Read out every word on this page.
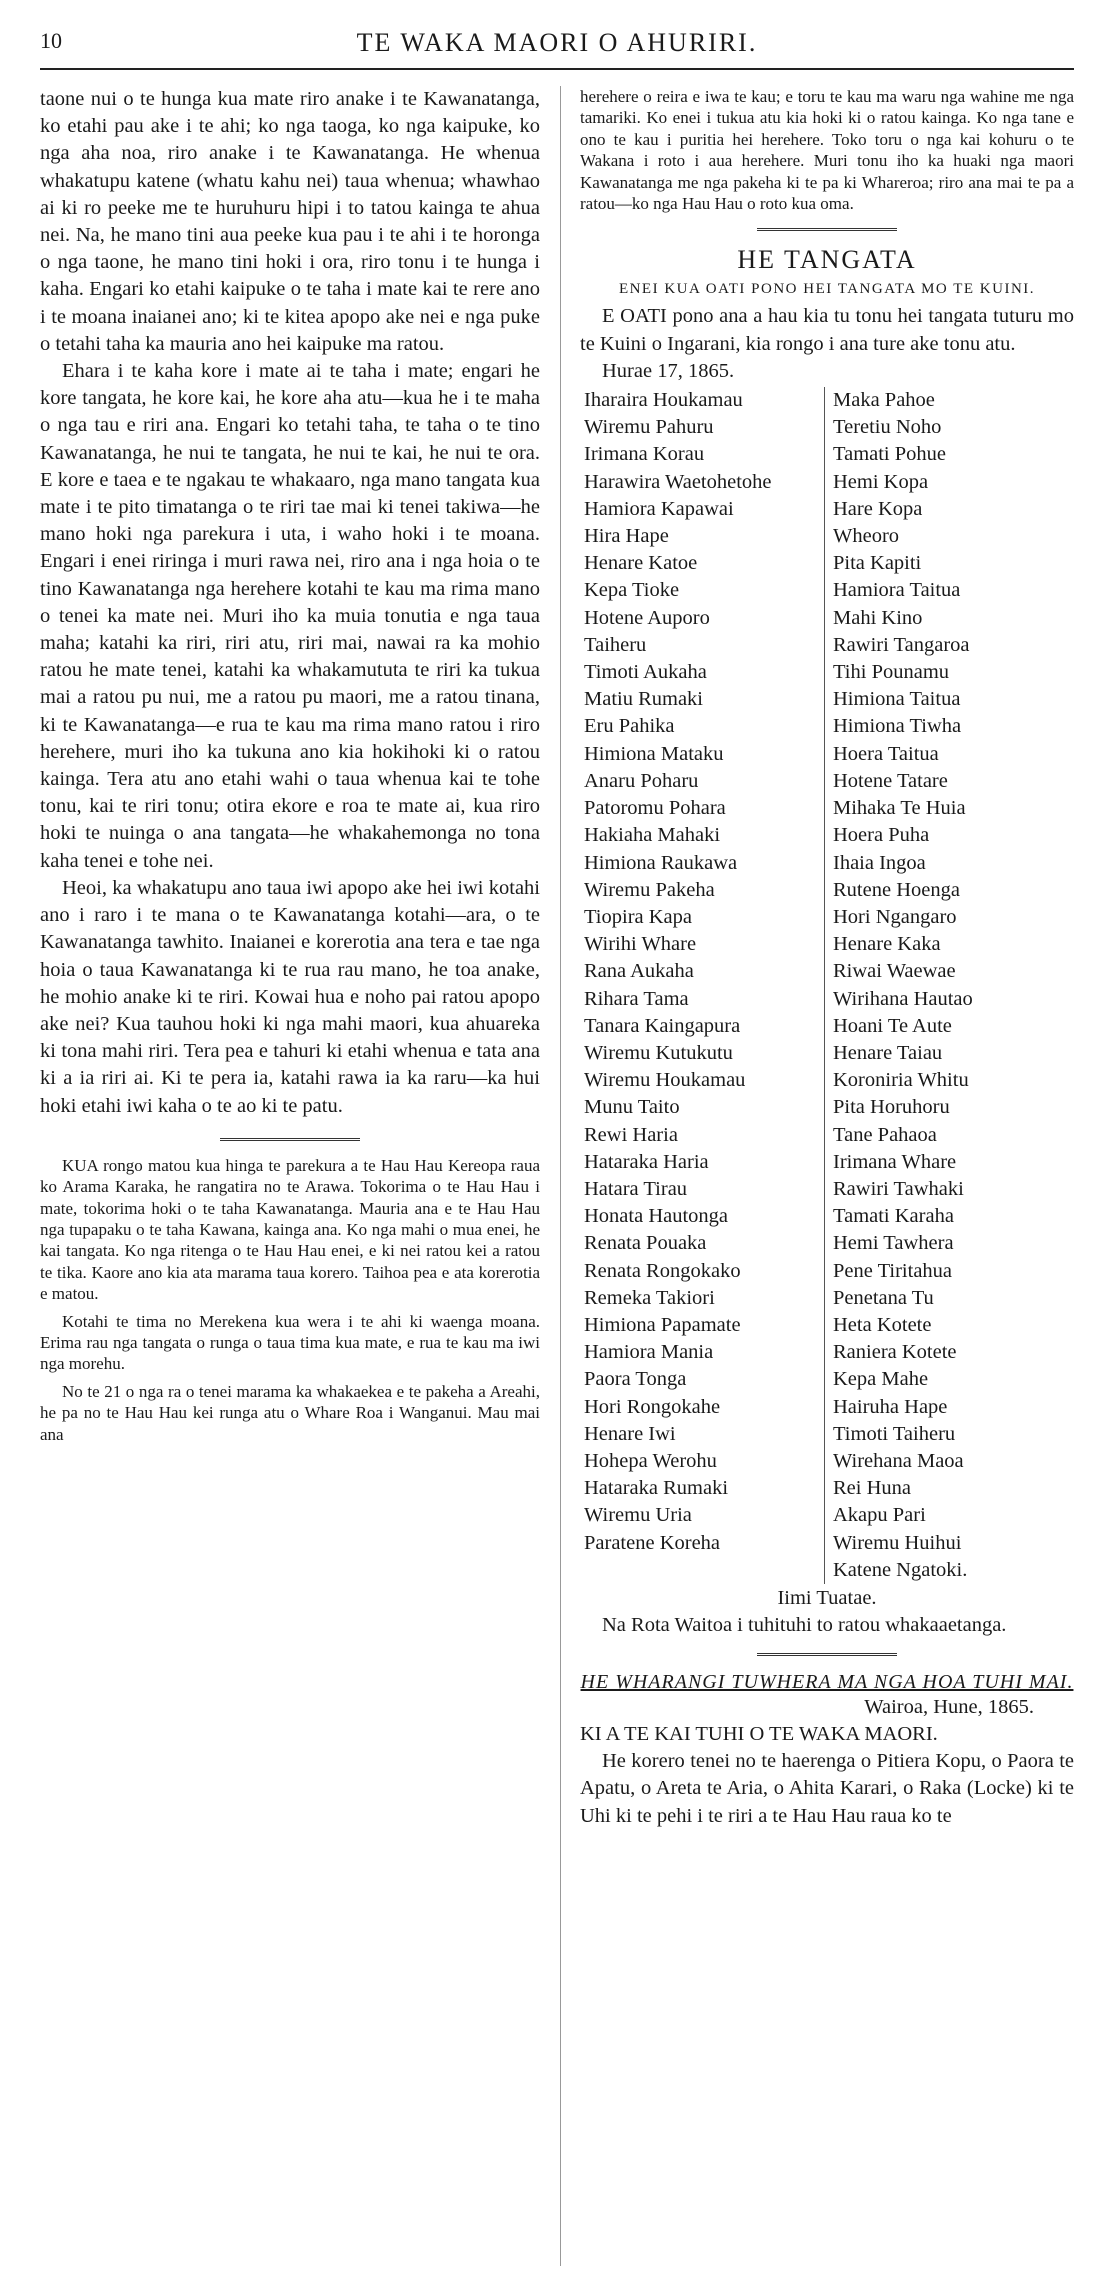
10	TE WAKA MAORI O AHURIRI.

taone nui o te hunga kua mate riro anake i te Kawanatanga, ko etahi pau ake i te ahi; ko nga taoga, ko nga kaipuke, ko nga aha noa, riro anake i te Kawanatanga. He whenua whakatupu katene (whatu kahu nei) taua whenua; whawhao ai ki ro peeke me te huruhuru hipi i to tatou kainga te ahua nei. Na, he mano tini aua peeke kua pau i te ahi i te horonga o nga taone, he mano tini hoki i ora, riro tonu i te hunga i kaha. Engari ko etahi kaipuke o te taha i mate kai te rere ano i te moana inaianei ano; ki te kitea apopo ake nei e nga puke o tetahi taha ka mauria ano hei kaipuke ma ratou.

Ehara i te kaha kore i mate ai te taha i mate; engari he kore tangata, he kore kai, he kore aha atu—kua he i te maha o nga tau e riri ana. Engari ko tetahi taha, te taha o te tino Kawanatanga, he nui te tangata, he nui te kai, he nui te ora. E kore e taea e te ngakau te whakaaro, nga mano tangata kua mate i te pito timatanga o te riri tae mai ki tenei takiwa—he mano hoki nga parekura i uta, i waho hoki i te moana. Engari i enei riringa i muri rawa nei, riro ana i nga hoia o te tino Kawanatanga nga herehere kotahi te kau ma rima mano o tenei ka mate nei. Muri iho ka muia tonutia e nga taua maha; katahi ka riri, riri atu, riri mai, nawai ra ka mohio ratou he mate tenei, katahi ka whakamututa te riri ka tukua mai a ratou pu nui, me a ratou pu maori, me a ratou tinana, ki te Kawanatanga—e rua te kau ma rima mano ratou i riro herehere, muri iho ka tukuna ano kia hokihoki ki o ratou kainga. Tera atu ano etahi wahi o taua whenua kai te tohe tonu, kai te riri tonu; otira ekore e roa te mate ai, kua riro hoki te nuinga o ana tangata—he whakahemonga no tona kaha tenei e tohe nei.

Heoi, ka whakatupu ano taua iwi apopo ake hei iwi kotahi ano i raro i te mana o te Kawanatanga kotahi—ara, o te Kawanatanga tawhito. Inaianei e korerotia ana tera e tae nga hoia o taua Kawanatanga ki te rua rau mano, he toa anake, he mohio anake ki te riri. Kowai hua e noho pai ratou apopo ake nei? Kua tauhou hoki ki nga mahi maori, kua ahuareka ki tona mahi riri. Tera pea e tahuri ki etahi whenua e tata ana ki a ia riri ai. Ki te pera ia, katahi rawa ia ka raru—ka hui hoki etahi iwi kaha o te ao ki te patu.

KUA rongo matou kua hinga te parekura a te Hau Hau Kereopa raua ko Arama Karaka, he rangatira no te Arawa. Tokorima o te Hau Hau i mate, tokorima hoki o te taha Kawanatanga. Mauria ana e te Hau Hau nga tupapaku o te taha Kawana, kainga ana. Ko nga mahi o mua enei, he kai tangata. Ko nga ritenga o te Hau Hau enei, e ki nei ratou kei a ratou te tika. Kaore ano kia ata marama taua korero. Taihoa pea e ata korerotia e matou.

Kotahi te tima no Merekena kua wera i te ahi ki waenga moana. Erima rau nga tangata o runga o taua tima kua mate, e rua te kau ma iwi nga morehu.

No te 21 o nga ra o tenei marama ka whakaekea e te pakeha a Areahi, he pa no te Hau Hau kei runga atu o Whare Roa i Wanganui. Mau mai ana

herehere o reira e iwa te kau; e toru te kau ma waru nga wahine me nga tamariki. Ko enei i tukua atu kia hoki ki o ratou kainga. Ko nga tane e ono te kau i puritia hei herehere. Toko toru o nga kai kohuru o te Wakana i roto i aua herehere. Muri tonu iho ka huaki nga maori Kawanatanga me nga pakeha ki te pa ki Whareroa; riro ana mai te pa a ratou—ko nga Hau Hau o roto kua oma.

HE TANGATA
ENEI KUA OATI PONO HEI TANGATA MO TE KUINI.

E OATI pono ana a hau kia tu tonu hei tangata tuturu mo te Kuini o Ingarani, kia rongo i ana ture ake tonu atu.

Hurae 17, 1865.

Iharaira Houkamau
Wiremu Pahuru
Irimana Korau
Harawira Waetohetohe
Hamiora Kapawai
Hira Hape
Henare Katoe
Kepa Tioke
Hotene Auporo
Taiheru
Timoti Aukaha
Matiu Rumaki
Eru Pahika
Himiona Mataku
Anaru Poharu
Patoromu Pohara
Hakiaha Mahaki
Himiona Raukawa
Wiremu Pakeha
Tiopira Kapa
Wirihi Whare
Rana Aukaha
Rihara Tama
Tanara Kaingapura
Wiremu Kutukutu
Wiremu Houkamau
Munu Taito
Rewi Haria
Hataraka Haria
Hatara Tirau
Honata Hautonga
Renata Pouaka
Renata Rongokako
Remeka Takiori
Himiona Papamate
Hamiora Mania
Paora Tonga
Hori Rongokahe
Henare Iwi
Hohepa Werohu
Hataraka Rumaki
Wiremu Uria
Paratene Koreha
Maka Pahoe
Teretiu Noho
Tamati Pohue
Hemi Kopa
Hare Kopa
Wheoro
Pita Kapiti
Hamiora Taitua
Mahi Kino
Rawiri Tangaroa
Tihi Pounamu
Himiona Taitua
Himiona Tiwha
Hoera Taitua
Hotene Tatare
Mihaka Te Huia
Hoera Puha
Ihaia Ingoa
Rutene Hoenga
Hori Ngangaro
Henare Kaka
Riwai Waewae
Wirihana Hautao
Hoani Te Aute
Henare Taiau
Koroniria Whitu
Pita Horuhoru
Tane Pahaoa
Irimana Whare
Rawiri Tawhaki
Tamati Karaha
Hemi Tawhera
Pene Tiritahua
Penetana Tu
Heta Kotete
Raniera Kotete
Kepa Mahe
Hairuha Hape
Timoti Taiheru
Wirehana Maoa
Rei Huna
Akapu Pari
Wiremu Huihui
Katene Ngatoki.
Iimi Tuatae.

Na Rota Waitoa i tuhituhi to ratou whakaaetanga.

HE WHARANGI TUWHERA MA NGA HOA TUHI MAI.
Wairoa, Hune, 1865.
KI A TE KAI TUHI O TE WAKA MAORI.

He korero tenei no te haerenga o Pitiera Kopu, o Paora te Apatu, o Areta te Aria, o Ahita Karari, o Raka (Locke) ki te Uhi ki te pehi i te riri a te Hau Hau raua ko te
